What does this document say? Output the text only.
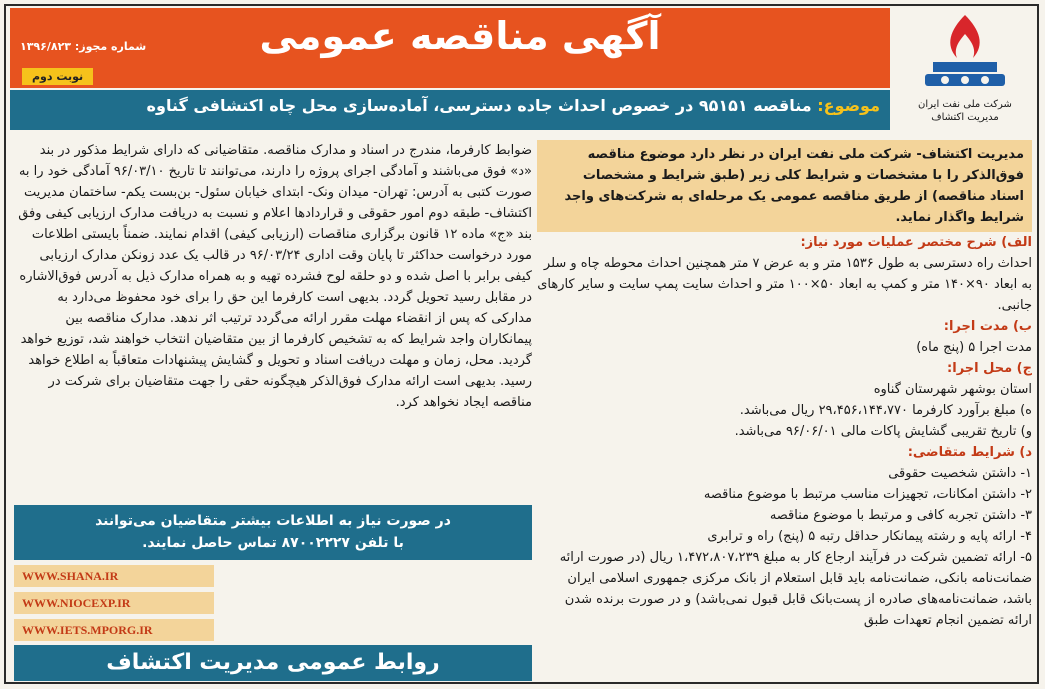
آگهی مناقصه عمومی
شماره مجوز: ۱۳۹۶/۸۲۳
نوبت دوم
شرکت ملی نفت ایران
مدیریت اکتشاف
موضوع: مناقصه ۹۵۱۵۱ در خصوص احداث جاده دسترسی، آماده‌سازی محل چاه اکتشافی گناوه

مدیریت اکتشاف- شرکت ملی نفت ایران در نظر دارد موضوع مناقصه فوق‌الذکر را با مشخصات و شرایط کلی زیر (طبق شرایط و مشخصات اسناد مناقصه) از طریق مناقصه عمومی یک مرحله‌ای به شرکت‌های واجد شرایط واگذار نماید.

الف) شرح مختصر عملیات مورد نیاز:

احداث راه دسترسی به طول ۱۵۳۶ متر و به عرض ۷ متر همچنین احداث محوطه چاه و سلر به ابعاد ۹۰×۱۴۰ متر و کمپ به ابعاد ۵۰×۱۰۰ متر و احداث سایت پمپ سایت و سایر کارهای جانبی.

ب) مدت اجرا:

مدت اجرا ۵ (پنج ماه)

ج) محل اجرا:

استان بوشهر شهرستان گناوه

ه) مبلغ برآورد کارفرما ۲۹،۴۵۶،۱۴۴،۷۷۰ ریال می‌باشد.

و) تاریخ تقریبی گشایش پاکات مالی ۹۶/۰۶/۰۱ می‌باشد.

د) شرایط متقاضی:

۱- داشتن شخصیت حقوقی

۲- داشتن امکانات، تجهیزات مناسب مرتبط با موضوع مناقصه

۳- داشتن تجربه کافی و مرتبط با موضوع مناقصه

۴- ارائه پایه و رشته پیمانکار حداقل رتبه ۵ (پنج) راه و ترابری

۵- ارائه تضمین شرکت در فرآیند ارجاع کار به مبلغ ۱،۴۷۲،۸۰۷،۲۳۹ ریال (در صورت ارائه ضمانت‌نامه بانکی، ضمانت‌نامه باید قابل استعلام از بانک مرکزی جمهوری اسلامی ایران باشد، ضمانت‌نامه‌های صادره از پست‌بانک قابل قبول نمی‌باشد) و در صورت برنده شدن ارائه تضمین انجام تعهدات طبق

ضوابط کارفرما، مندرج در اسناد و مدارک مناقصه. متقاضیانی که دارای شرایط مذکور در بند «د» فوق می‌باشند و آمادگی اجرای پروژه را دارند، می‌توانند تا تاریخ ۹۶/۰۳/۱۰ آمادگی خود را به صورت کتبی به آدرس: تهران- میدان ونک- ابتدای خیابان سئول- بن‌بست یکم- ساختمان مدیریت اکتشاف- طبقه دوم امور حقوقی و قراردادها اعلام و نسبت به دریافت مدارک ارزیابی کیفی وفق بند «ج» ماده ۱۲ قانون برگزاری مناقصات (ارزیابی کیفی) اقدام نمایند. ضمناً بایستی اطلاعات مورد درخواست حداکثر تا پایان وقت اداری ۹۶/۰۳/۲۴ در قالب یک عدد زونکن مدارک ارزیابی کیفی برابر با اصل شده و دو حلقه لوح فشرده تهیه و به همراه مدارک ذیل به آدرس فوق‌الاشاره در مقابل رسید تحویل گردد. بدیهی است کارفرما این حق را برای خود محفوظ می‌دارد به مدارکی که پس از انقضاء مهلت مقرر ارائه می‌گردد ترتیب اثر ندهد. مدارک مناقصه بین پیمانکاران واجد شرایط که به تشخیص کارفرما از بین متقاضیان انتخاب خواهند شد، توزیع خواهد گردید. محل، زمان و مهلت دریافت اسناد و تحویل و گشایش پیشنهادات متعاقباً به اطلاع خواهد رسید. بدیهی است ارائه مدارک فوق‌الذکر هیچگونه حقی را جهت متقاضیان برای شرکت در مناقصه ایجاد نخواهد کرد.

در صورت نیاز به اطلاعات بیشتر متقاضیان می‌توانند
با تلفن ۸۷۰۰۲۲۲۷ تماس حاصل نمایند.
WWW.SHANA.IR
WWW.NIOCEXP.IR
WWW.IETS.MPORG.IR
روابط عمومی مدیریت اکتشاف
